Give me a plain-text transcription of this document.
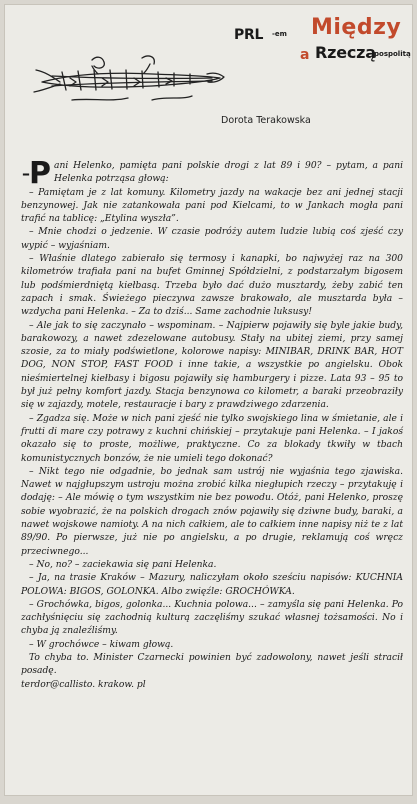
PRL -em Między
a Rzeczą
pospolitą
Dorota Terakowska
– Pani Helenko, pamięta pani polskie drogi z lat 89 i 90? – pytam, a pani Helenka potrząsa głową:

– Pamiętam je z lat komuny. Kilometry jazdy na wakacje bez ani jednej stacji benzynowej. Jak nie zatankowała pani pod Kielcami, to w Jankach mogła pani trafić na tablicę: „Etylina wyszła”.

– Mnie chodzi o jedzenie. W czasie podróży autem ludzie lubią coś zjeść czy wypić – wyjaśniam.

– Właśnie dlatego zabierało się termosy i kanapki, bo najwyżej raz na 300 kilometrów trafiała pani na bufet Gminnej Spółdzielni, z podstarzałym bigosem lub podśmierdniętą kiełbasą. Trzeba było dać dużo musztardy, żeby zabić ten zapach i smak. Świeżego pieczywa zawsze brakowało, ale musztarda była – wzdycha pani Helenka. – Za to dziś... Same zachodnie luksusy!

– Ale jak to się zaczynało – wspominam. – Najpierw pojawiły się byle jakie budy, barakowozy, a nawet zdezelowane autobusy. Stały na ubitej ziemi, przy samej szosie, za to miały podświetlone, kolorowe napisy: MINIBAR, DRINK BAR, HOT DOG, NON STOP, FAST FOOD i inne takie, a wszystkie po angielsku. Obok nieśmiertelnej kiełbasy i bigosu pojawiły się hamburgery i pizze. Lata 93 – 95 to był już pełny komfort jazdy. Stacja benzynowa co kilometr, a baraki przeobraziły się w zajazdy, motele, restauracje i bary z prawdziwego zdarzenia.

– Zgadza się. Może w nich pani zjeść nie tylko swojskiego lina w śmietanie, ale i frutti di mare czy potrawy z kuchni chińskiej – przytakuje pani Helenka. – I jakoś okazało się to proste, możliwe, praktyczne. Co za blokady tkwiły w tbach komunistycznych bonzów, że nie umieli tego dokonać?

– Nikt tego nie odgadnie, bo jednak sam ustrój nie wyjaśnia tego zjawiska. Nawet w najgłupszym ustroju można zrobić kilka niegłupich rzeczy – przytakuję i dodaję: – Ale mówię o tym wszystkim nie bez powodu. Otóż, pani Helenko, proszę sobie wyobrazić, że na polskich drogach znów pojawiły się dziwne budy, baraki, a nawet wojskowe namioty. A na nich całkiem, ale to całkiem inne napisy niż te z lat 89/90. Po pierwsze, już nie po angielsku, a po drugie, reklamują coś wręcz przeciwnego...

– No, no? – zaciekawia się pani Helenka.

– Ja, na trasie Kraków – Mazury, naliczyłam około sześciu napisów: KUCHNIA POLOWA: BIGOS, GOLONKA. Albo zwięźle: GROCHÓWKA.

– Grochówka, bigos, golonka... Kuchnia polowa... – zamyśla się pani Helenka. Po zachłyśnięciu się zachodnią kulturą zaczęliśmy szukać własnej tożsamości. No i chyba ją znaleźliśmy.

– W grochówce – kiwam głową.

To chyba to. Minister Czarnecki powinien być zadowolony, nawet jeśli stracił posadę.

terdor@callisto. krakow. pl
